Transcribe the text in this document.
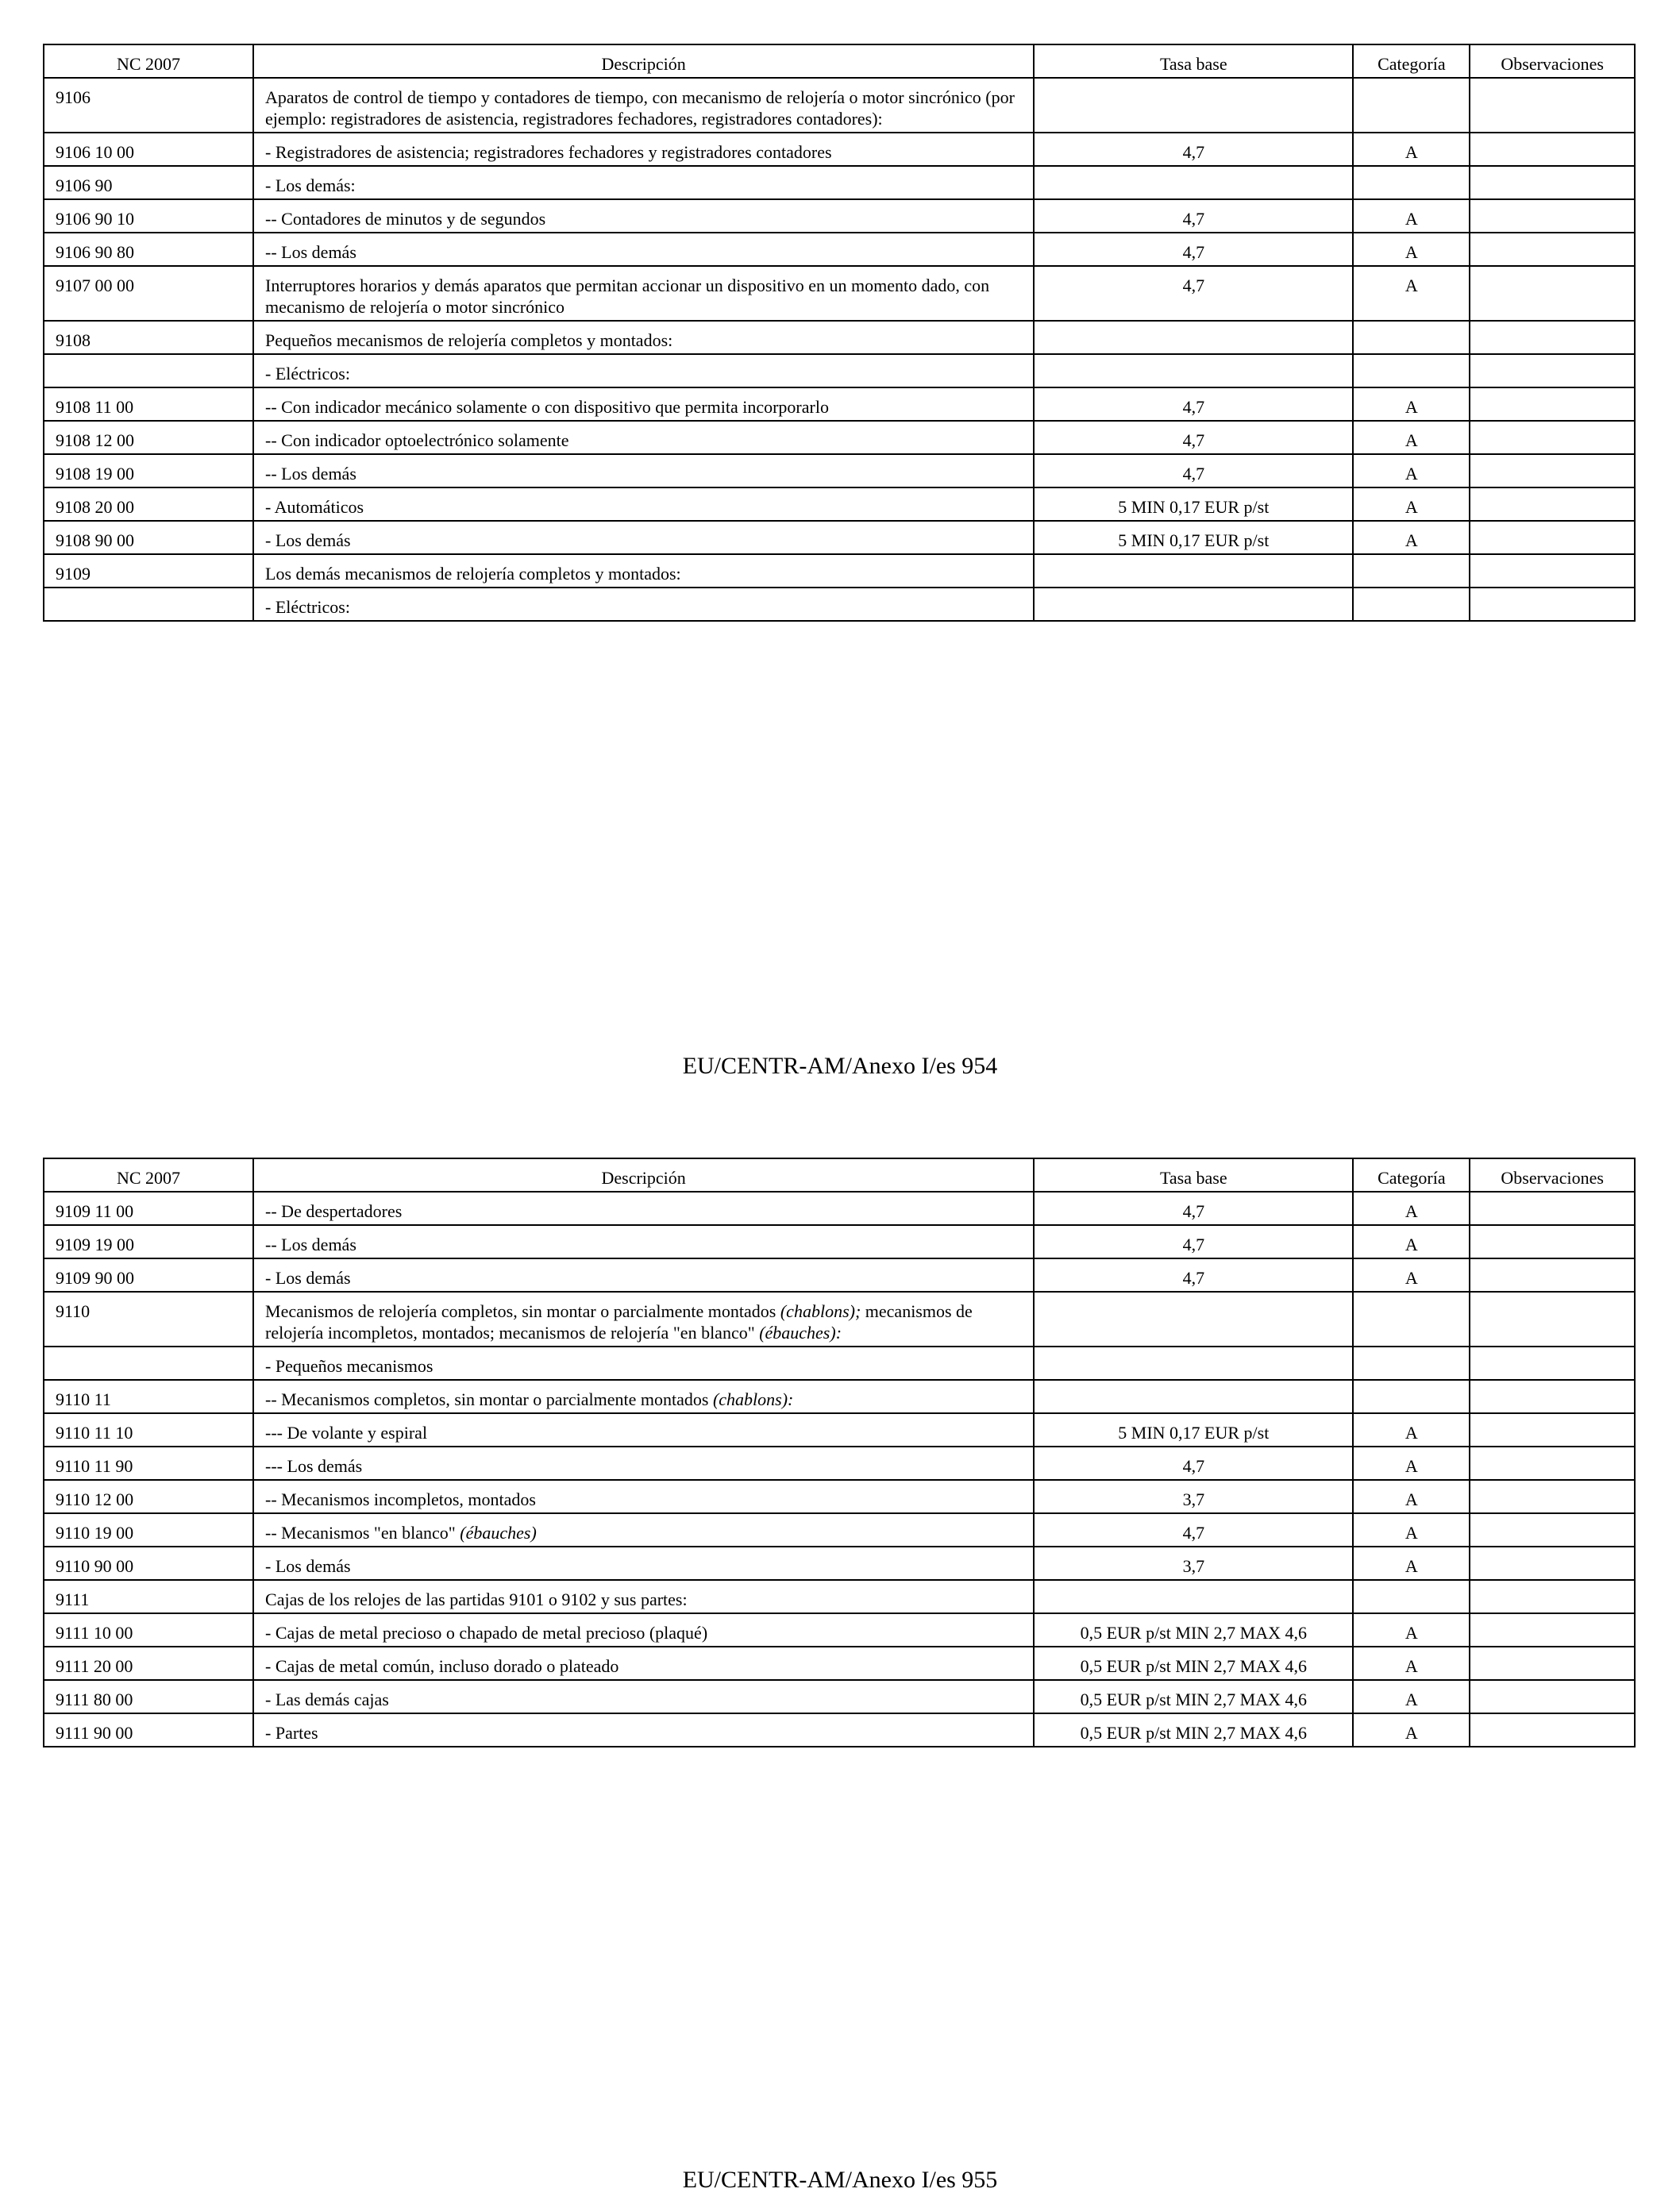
NC 2007	Descripción	Tasa base	Categoría	Observaciones
9106	Aparatos de control de tiempo y contadores de tiempo, con mecanismo de relojería o motor sincrónico (por ejemplo: registradores de asistencia, registradores fechadores, registradores contadores):			
9106 10 00	- Registradores de asistencia; registradores fechadores y registradores contadores	4,7	A	
9106 90	- Los demás:			
9106 90 10	-- Contadores de minutos y de segundos	4,7	A	
9106 90 80	-- Los demás	4,7	A	
9107 00 00	Interruptores horarios y demás aparatos que permitan accionar un dispositivo en un momento dado, con mecanismo de relojería o motor sincrónico	4,7	A	
9108	Pequeños mecanismos de relojería completos y montados:			
	- Eléctricos:			
9108 11 00	-- Con indicador mecánico solamente o con dispositivo que permita incorporarlo	4,7	A	
9108 12 00	-- Con indicador optoelectrónico solamente	4,7	A	
9108 19 00	-- Los demás	4,7	A	
9108 20 00	- Automáticos	5 MIN 0,17 EUR p/st	A	
9108 90 00	- Los demás	5 MIN 0,17 EUR p/st	A	
9109	Los demás mecanismos de relojería completos y montados:			
	- Eléctricos:			
EU/CENTR-AM/Anexo I/es 954
NC 2007	Descripción	Tasa base	Categoría	Observaciones
9109 11 00	-- De despertadores	4,7	A	
9109 19 00	-- Los demás	4,7	A	
9109 90 00	- Los demás	4,7	A	
9110	Mecanismos de relojería completos, sin montar o parcialmente montados (chablons); mecanismos de relojería incompletos, montados; mecanismos de relojería "en blanco" (ébauches):			
	- Pequeños mecanismos			
9110 11	-- Mecanismos completos, sin montar o parcialmente montados (chablons):			
9110 11 10	--- De volante y espiral	5 MIN 0,17 EUR p/st	A	
9110 11 90	--- Los demás	4,7	A	
9110 12 00	-- Mecanismos incompletos, montados	3,7	A	
9110 19 00	-- Mecanismos "en blanco" (ébauches)	4,7	A	
9110 90 00	- Los demás	3,7	A	
9111	Cajas de los relojes de las partidas 9101 o 9102 y sus partes:			
9111 10 00	- Cajas de metal precioso o chapado de metal precioso (plaqué)	0,5 EUR p/st MIN 2,7 MAX 4,6	A	
9111 20 00	- Cajas de metal común, incluso dorado o plateado	0,5 EUR p/st MIN 2,7 MAX 4,6	A	
9111 80 00	- Las demás cajas	0,5 EUR p/st MIN 2,7 MAX 4,6	A	
9111 90 00	- Partes	0,5 EUR p/st MIN 2,7 MAX 4,6	A	
EU/CENTR-AM/Anexo I/es 955
